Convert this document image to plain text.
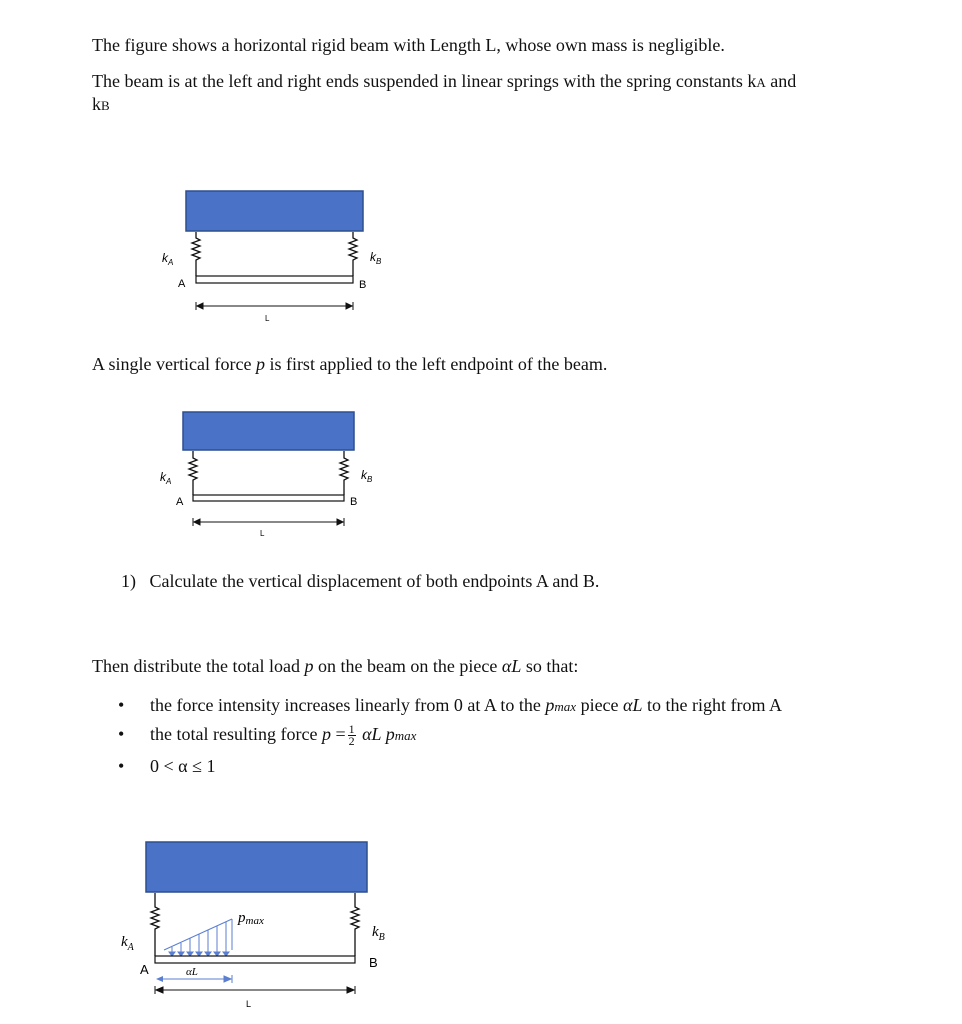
The figure shows a horizontal rigid beam with Length L, whose own mass is negligible.

The beam is at the left and right ends suspended in linear springs with the spring constants kA and

kB

$k_A$	$k_B$
A	B
L

A single vertical force p is first applied to the left endpoint of the beam.

$k_A$	$k_B$
A	B
L

1) Calculate the vertical displacement of both endpoints A and B.

Then distribute the total load p on the beam on the piece αL so that:

• the force intensity increases linearly from 0 at A to the pmax piece αL to the right from A
• the total resulting force $p = \frac{1}{2}$ αL pmax
• 0 < α ≤ 1
$k_A$
$k_B$
pmax
A	B
αL
L
